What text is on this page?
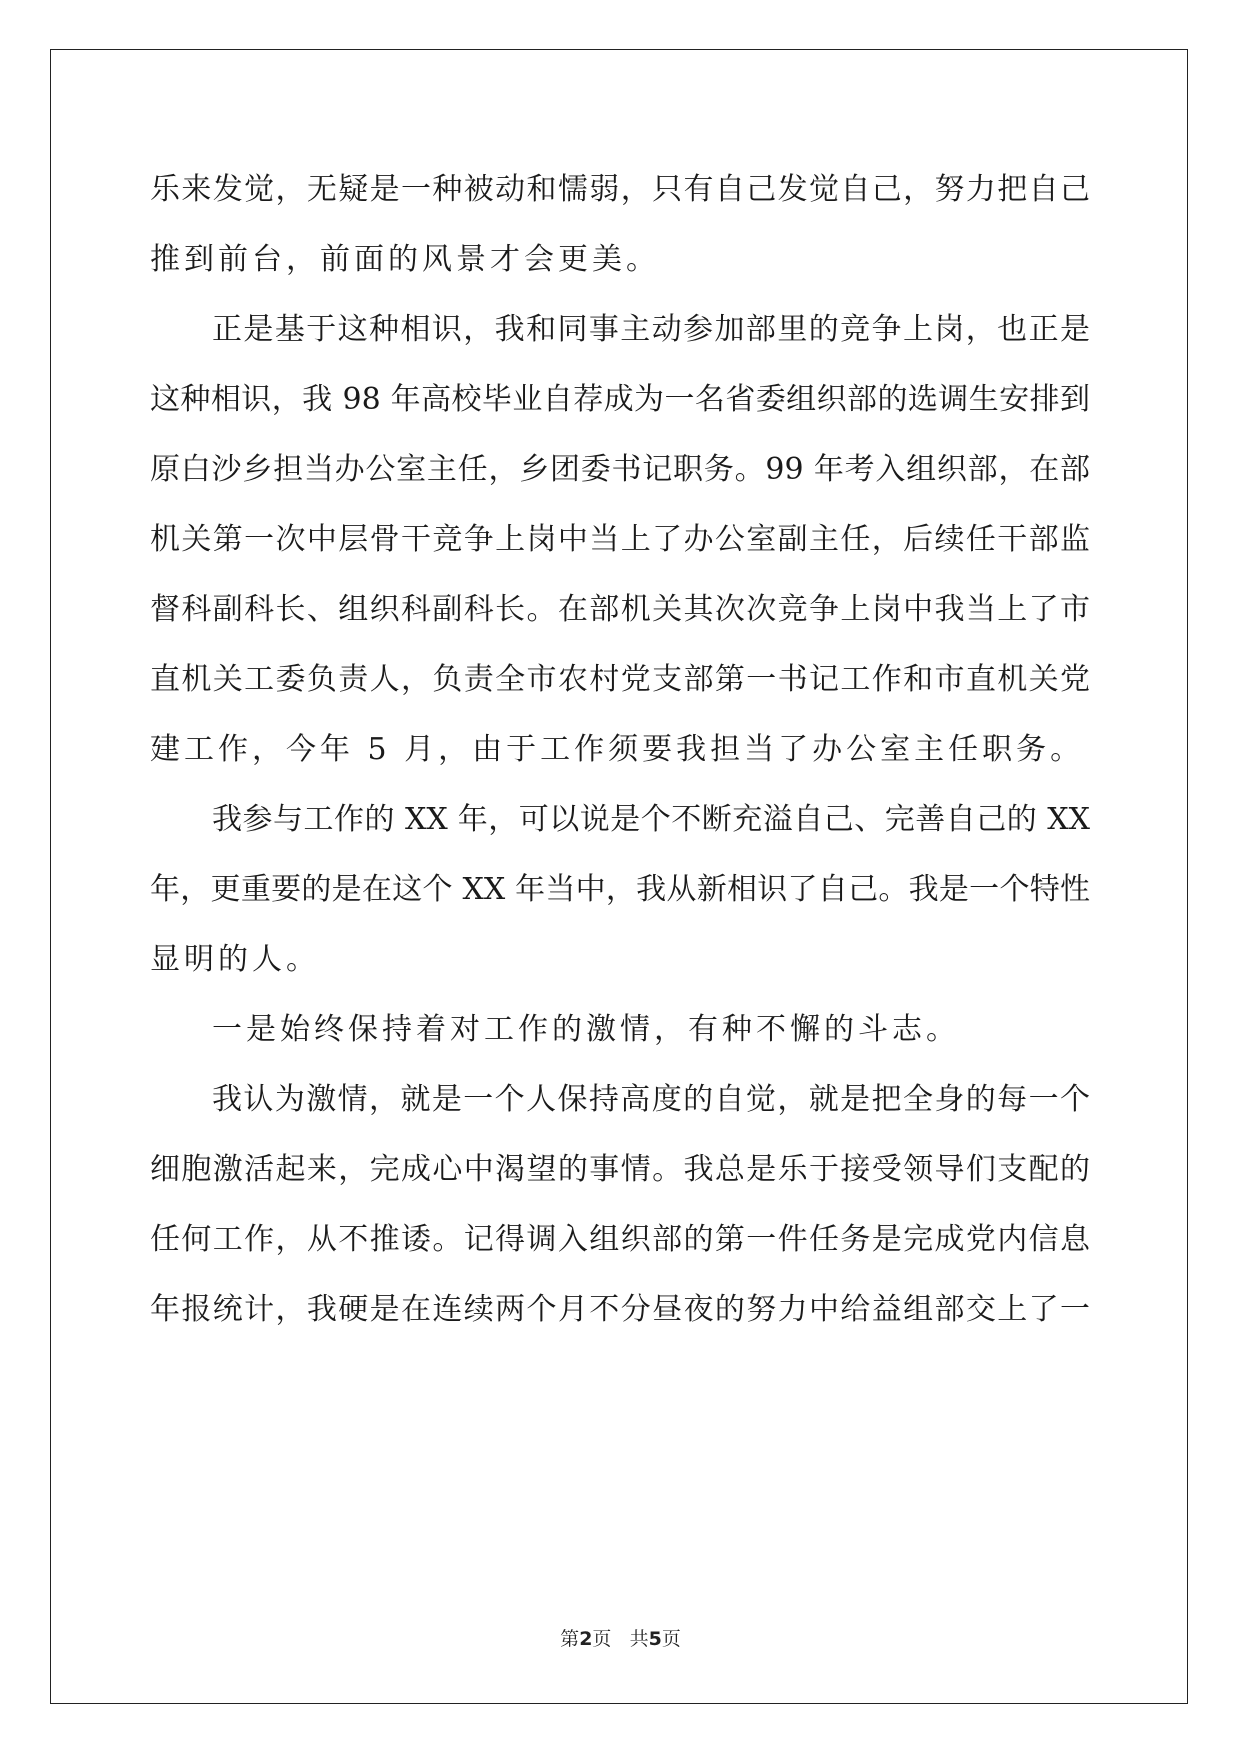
乐来发觉，无疑是一种被动和懦弱，只有自己发觉自己，努力把自己
推到前台，前面的风景才会更美。
正是基于这种相识，我和同事主动参加部里的竞争上岗，也正是
这种相识，我 98 年高校毕业自荐成为一名省委组织部的选调生安排到
原白沙乡担当办公室主任，乡团委书记职务。99 年考入组织部，在部
机关第一次中层骨干竞争上岗中当上了办公室副主任，后续任干部监
督科副科长、组织科副科长。在部机关其次次竞争上岗中我当上了市
直机关工委负责人，负责全市农村党支部第一书记工作和市直机关党
建工作，今年 5 月，由于工作须要我担当了办公室主任职务。
我参与工作的 XX 年，可以说是个不断充溢自己、完善自己的 XX
年，更重要的是在这个 XX 年当中，我从新相识了自己。我是一个特性
显明的人。
一是始终保持着对工作的激情，有种不懈的斗志。
我认为激情，就是一个人保持高度的自觉，就是把全身的每一个
细胞激活起来，完成心中渴望的事情。我总是乐于接受领导们支配的
任何工作，从不推诿。记得调入组织部的第一件任务是完成党内信息
年报统计，我硬是在连续两个月不分昼夜的努力中给益组部交上了一
第2页 共5页
